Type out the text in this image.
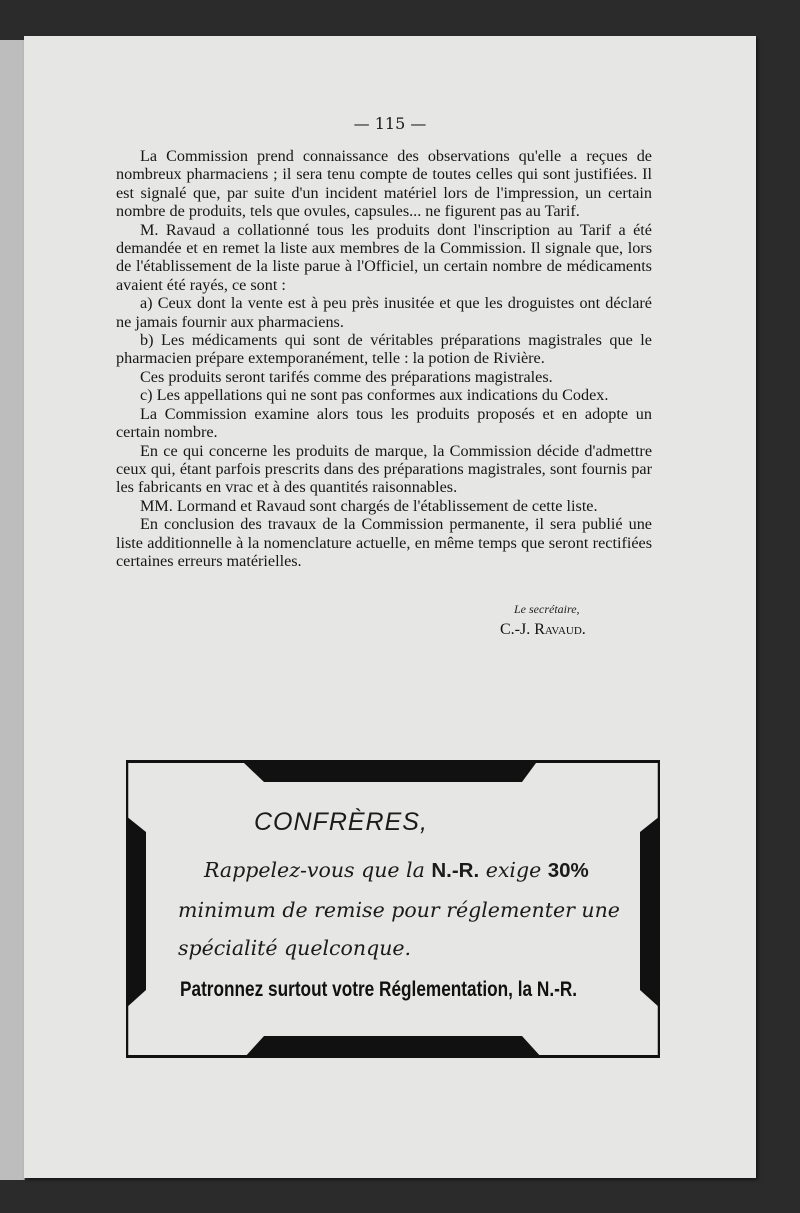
— 115 —

La Commission prend connaissance des observations qu'elle a reçues de nombreux pharmaciens ; il sera tenu compte de toutes celles qui sont justifiées. Il est signalé que, par suite d'un incident matériel lors de l'impression, un certain nombre de produits, tels que ovules, capsules... ne figurent pas au Tarif.

M. Ravaud a collationné tous les produits dont l'inscription au Tarif a été demandée et en remet la liste aux membres de la Commission. Il signale que, lors de l'établissement de la liste parue à l'Officiel, un certain nombre de médicaments avaient été rayés, ce sont :

a) Ceux dont la vente est à peu près inusitée et que les droguistes ont déclaré ne jamais fournir aux pharmaciens.

b) Les médicaments qui sont de véritables préparations magistrales que le pharmacien prépare extemporanément, telle : la potion de Rivière.

Ces produits seront tarifés comme des préparations magistrales.

c) Les appellations qui ne sont pas conformes aux indications du Codex.

La Commission examine alors tous les produits proposés et en adopte un certain nombre.

En ce qui concerne les produits de marque, la Commission décide d'admettre ceux qui, étant parfois prescrits dans des préparations magistrales, sont fournis par les fabricants en vrac et à des quantités raisonnables.

MM. Lormand et Ravaud sont chargés de l'établissement de cette liste.

En conclusion des travaux de la Commission permanente, il sera publié une liste additionnelle à la nomenclature actuelle, en même temps que seront rectifiées certaines erreurs matérielles.

Le secrétaire,
C.-J. Ravaud.
CONFRÈRES,
Rappelez-vous que la N.-R. exige 30%
minimum de remise pour réglementer une
spécialité quelconque.
Patronnez surtout votre Réglementation, la N.-R.
